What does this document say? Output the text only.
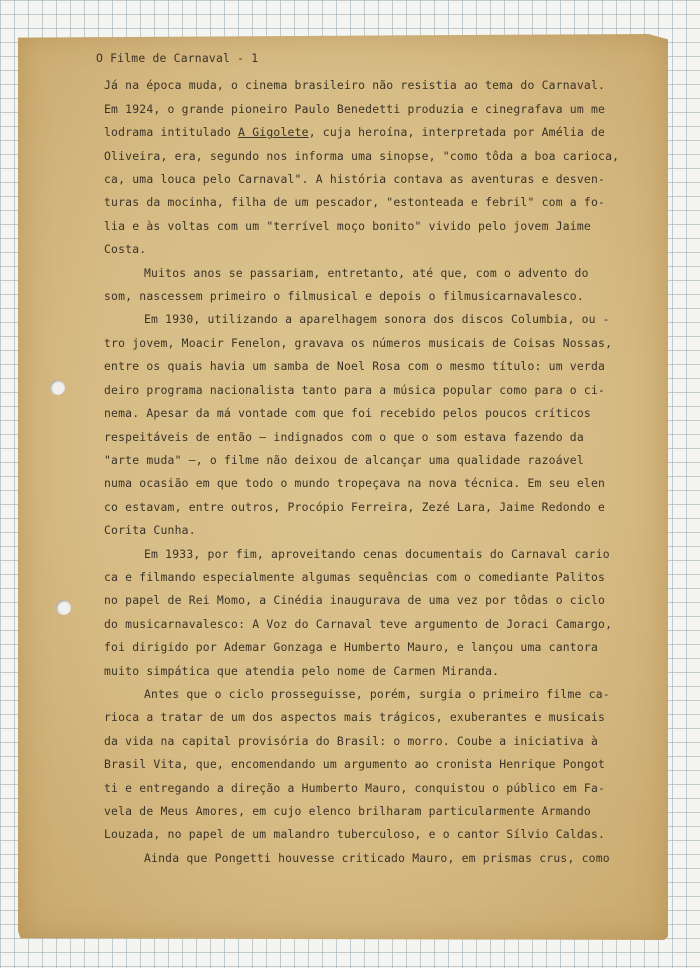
O Filme de Carnaval - 1
Já na época muda, o cinema brasileiro não resistia ao tema do Carnaval.
Em 1924, o grande pioneiro Paulo Benedetti produzia e cinegrafava um me
lodrama intitulado A Gigolete, cuja heroína, interpretada por Amélia de
Oliveira, era, segundo nos informa uma sinopse, "como tôda a boa carioca,
ca, uma louca pelo Carnaval". A história contava as aventuras e desven-
turas da mocinha, filha de um pescador, "estonteada e febril" com a fo-
lia e às voltas com um "terrível moço bonito" vivido pelo jovem Jaime
Costa.
Muitos anos se passariam, entretanto, até que, com o advento do
som, nascessem primeiro o filmusical e depois o filmusicarnavalesco.
Em 1930, utilizando a aparelhagem sonora dos discos Columbia, ou -
tro jovem, Moacir Fenelon, gravava os números musicais de Coisas Nossas,
entre os quais havia um samba de Noel Rosa com o mesmo título: um verda
deiro programa nacionalista tanto para a música popular como para o ci-
nema. Apesar da má vontade com que foi recebido pelos poucos críticos
respeitáveis de então — indignados com o que o som estava fazendo da
"arte muda" —, o filme não deixou de alcançar uma qualidade razoável
numa ocasião em que todo o mundo tropeçava na nova técnica. Em seu elen
co estavam, entre outros, Procópio Ferreira, Zezé Lara, Jaime Redondo e
Corita Cunha.
Em 1933, por fim, aproveitando cenas documentais do Carnaval cario
ca e filmando especialmente algumas sequências com o comediante Palitos
no papel de Rei Momo, a Cinédia inaugurava de uma vez por tôdas o ciclo
do musicarnavalesco: A Voz do Carnaval teve argumento de Joraci Camargo,
foi dirigido por Ademar Gonzaga e Humberto Mauro, e lançou uma cantora
muito simpática que atendia pelo nome de Carmen Miranda.
Antes que o ciclo prosseguisse, porém, surgia o primeiro filme ca-
rioca a tratar de um dos aspectos mais trágicos, exuberantes e musicais
da vida na capital provisória do Brasil: o morro. Coube a iniciativa à
Brasil Vita, que, encomendando um argumento ao cronista Henrique Pongot
ti e entregando a direção a Humberto Mauro, conquistou o público em Fa-
vela de Meus Amores, em cujo elenco brilharam particularmente Armando
Louzada, no papel de um malandro tuberculoso, e o cantor Sílvio Caldas.
Ainda que Pongetti houvesse criticado Mauro, em prismas crus, como
